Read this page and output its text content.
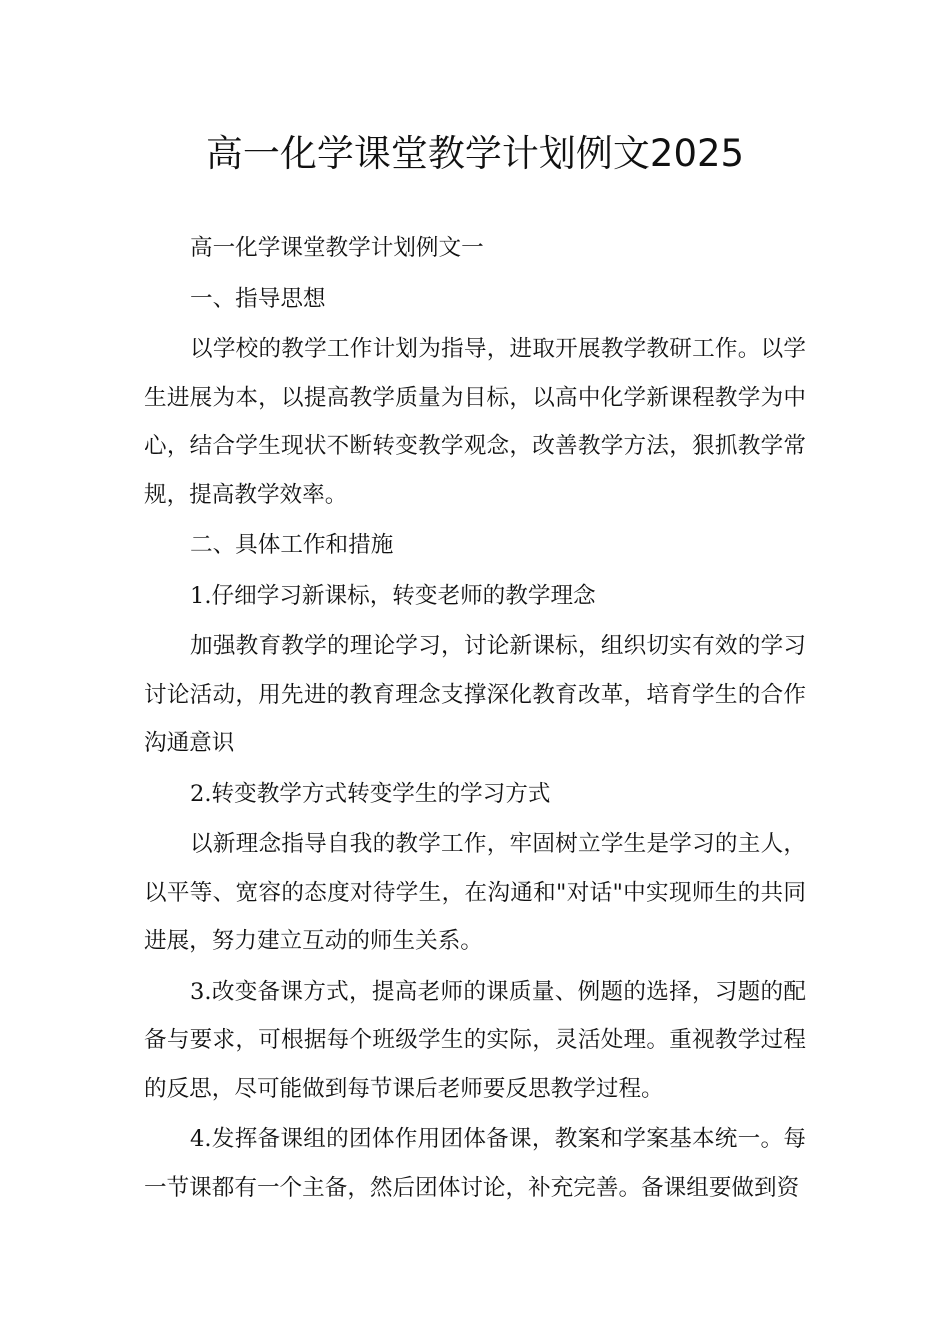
高一化学课堂教学计划例文2025

高一化学课堂教学计划例文一

一、指导思想

以学校的教学工作计划为指导，进取开展教学教研工作。以学生进展为本，以提高教学质量为目标，以高中化学新课程教学为中心，结合学生现状不断转变教学观念，改善教学方法，狠抓教学常规，提高教学效率。

二、具体工作和措施

1.仔细学习新课标，转变老师的教学理念

加强教育教学的理论学习，讨论新课标，组织切实有效的学习讨论活动，用先进的教育理念支撑深化教育改革，培育学生的合作沟通意识

2.转变教学方式转变学生的学习方式

以新理念指导自我的教学工作，牢固树立学生是学习的主人，以平等、宽容的态度对待学生，在沟通和"对话"中实现师生的共同进展，努力建立互动的师生关系。

3.改变备课方式，提高老师的课质量、例题的选择，习题的配备与要求，可根据每个班级学生的实际，灵活处理。重视教学过程的反思，尽可能做到每节课后老师要反思教学过程。

4.发挥备课组的团体作用团体备课，教案和学案基本统一。每一节课都有一个主备，然后团体讨论，补充完善。备课组要做到资
